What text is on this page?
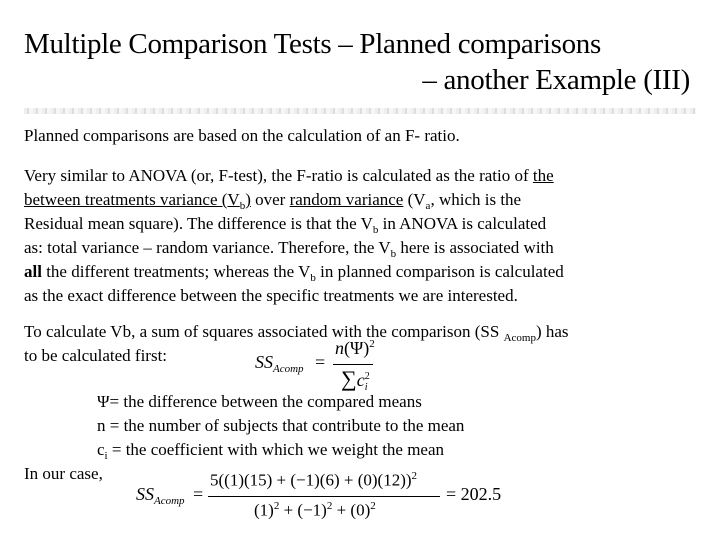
Multiple Comparison Tests – Planned comparisons
– another Example (III)
Planned comparisons are based on the calculation of an F- ratio.
Very similar to ANOVA (or, F-test), the F-ratio is calculated as the ratio of the
between treatments variance $(V_b)$ over random variance ($V_a$, which is the
Residual mean square). The difference is that the $V_b$ in ANOVA is calculated
as: total variance – random variance. Therefore, the $V_b$ here is associated with
all the different treatments; whereas the $V_b$ in planned comparison is calculated
as the exact difference between the specific treatments we are interested.
To calculate Vb, a sum of squares associated with the comparison (SS $_{Acomp}$) has
to be calculated first:	$SS_{Acomp}$ =
$n(\Psi)^2$
$\sum c^2_i$
Ψ= the difference between the compared means
n = the number of subjects that contribute to the mean
$c_i$ = the coefficient with which we weight the mean
In our case,
$SS_{Acomp}$ =
$5((1)(15) + (-1)(6) + (0)(12))^2$
$(1)^2 + (-1)^2 + (0)^2$
= 202.5
